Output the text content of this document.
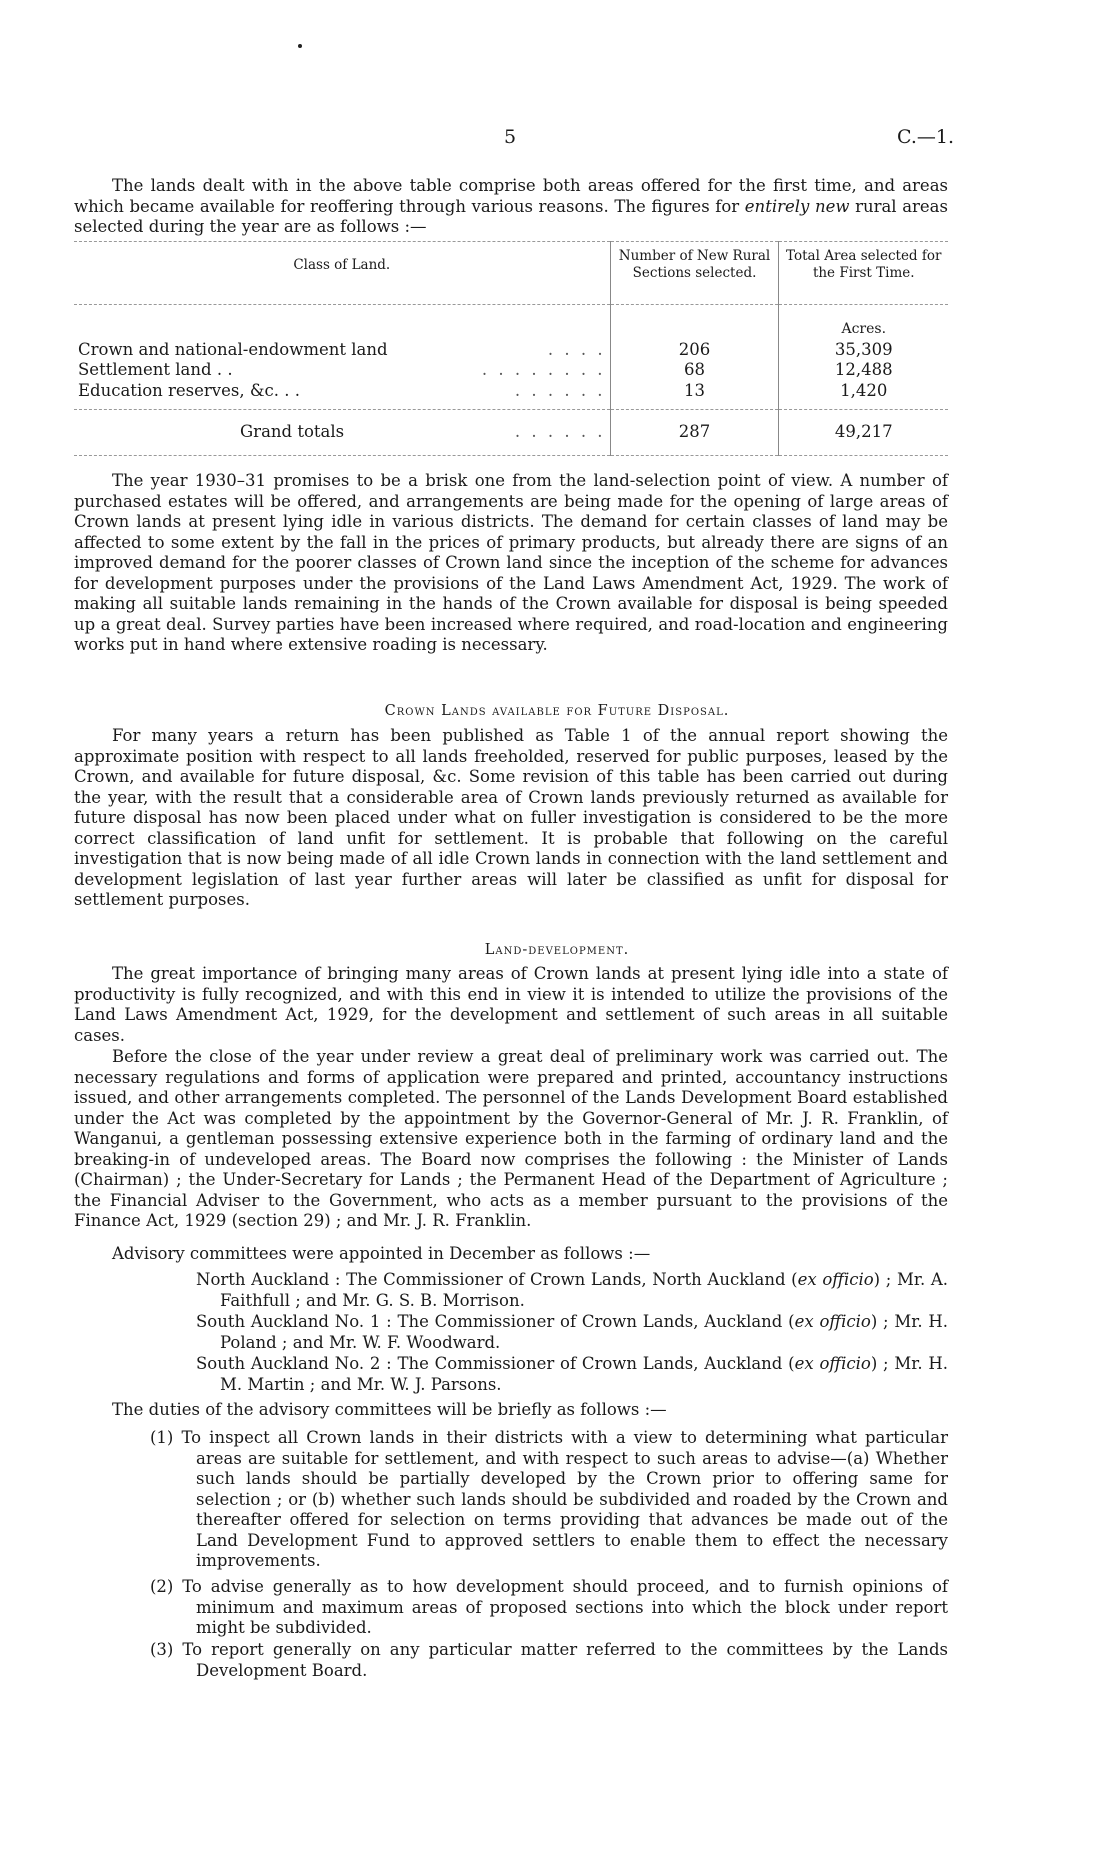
5	C.—1.

The lands dealt with in the above table comprise both areas offered for the first time, and areas which became available for reoffering through various reasons. The figures for entirely new rural areas selected during the year are as follows :—

Class of Land.	Number of New Rural Sections selected.	Total Area selected for the First Time.
		Acres.
Crown and national-endowment land . . . .	206	35,309
Settlement land . . . . . . . . . .	68	12,488
Education reserves, &c. . . . . . . . .	13	1,420
Grand totals . . . . . .	287	49,217

The year 1930–31 promises to be a brisk one from the land-selection point of view. A number of purchased estates will be offered, and arrangements are being made for the opening of large areas of Crown lands at present lying idle in various districts. The demand for certain classes of land may be affected to some extent by the fall in the prices of primary products, but already there are signs of an improved demand for the poorer classes of Crown land since the inception of the scheme for advances for development purposes under the provisions of the Land Laws Amendment Act, 1929. The work of making all suitable lands remaining in the hands of the Crown available for disposal is being speeded up a great deal. Survey parties have been increased where required, and road-location and engineering works put in hand where extensive roading is necessary.

Crown Lands available for Future Disposal.

For many years a return has been published as Table 1 of the annual report showing the approximate position with respect to all lands freeholded, reserved for public purposes, leased by the Crown, and available for future disposal, &c. Some revision of this table has been carried out during the year, with the result that a considerable area of Crown lands previously returned as available for future disposal has now been placed under what on fuller investigation is considered to be the more correct classification of land unfit for settlement. It is probable that following on the careful investigation that is now being made of all idle Crown lands in connection with the land settlement and development legislation of last year further areas will later be classified as unfit for disposal for settlement purposes.

Land-development.

The great importance of bringing many areas of Crown lands at present lying idle into a state of productivity is fully recognized, and with this end in view it is intended to utilize the provisions of the Land Laws Amendment Act, 1929, for the development and settlement of such areas in all suitable cases.

Before the close of the year under review a great deal of preliminary work was carried out. The necessary regulations and forms of application were prepared and printed, accountancy instructions issued, and other arrangements completed. The personnel of the Lands Development Board established under the Act was completed by the appointment by the Governor-General of Mr. J. R. Franklin, of Wanganui, a gentleman possessing extensive experience both in the farming of ordinary land and the breaking-in of undeveloped areas. The Board now comprises the following : the Minister of Lands (Chairman) ; the Under-Secretary for Lands ; the Permanent Head of the Department of Agriculture ; the Financial Adviser to the Government, who acts as a member pursuant to the provisions of the Finance Act, 1929 (section 29) ; and Mr. J. R. Franklin.

Advisory committees were appointed in December as follows :—

North Auckland : The Commissioner of Crown Lands, North Auckland (ex officio) ; Mr. A. Faithfull ; and Mr. G. S. B. Morrison.

South Auckland No. 1 : The Commissioner of Crown Lands, Auckland (ex officio) ; Mr. H. Poland ; and Mr. W. F. Woodward.

South Auckland No. 2 : The Commissioner of Crown Lands, Auckland (ex officio) ; Mr. H. M. Martin ; and Mr. W. J. Parsons.

The duties of the advisory committees will be briefly as follows :—

(1) To inspect all Crown lands in their districts with a view to determining what particular areas are suitable for settlement, and with respect to such areas to advise—(a) Whether such lands should be partially developed by the Crown prior to offering same for selection ; or (b) whether such lands should be subdivided and roaded by the Crown and thereafter offered for selection on terms providing that advances be made out of the Land Development Fund to approved settlers to enable them to effect the necessary improvements.

(2) To advise generally as to how development should proceed, and to furnish opinions of minimum and maximum areas of proposed sections into which the block under report might be subdivided.

(3) To report generally on any particular matter referred to the committees by the Lands Development Board.
